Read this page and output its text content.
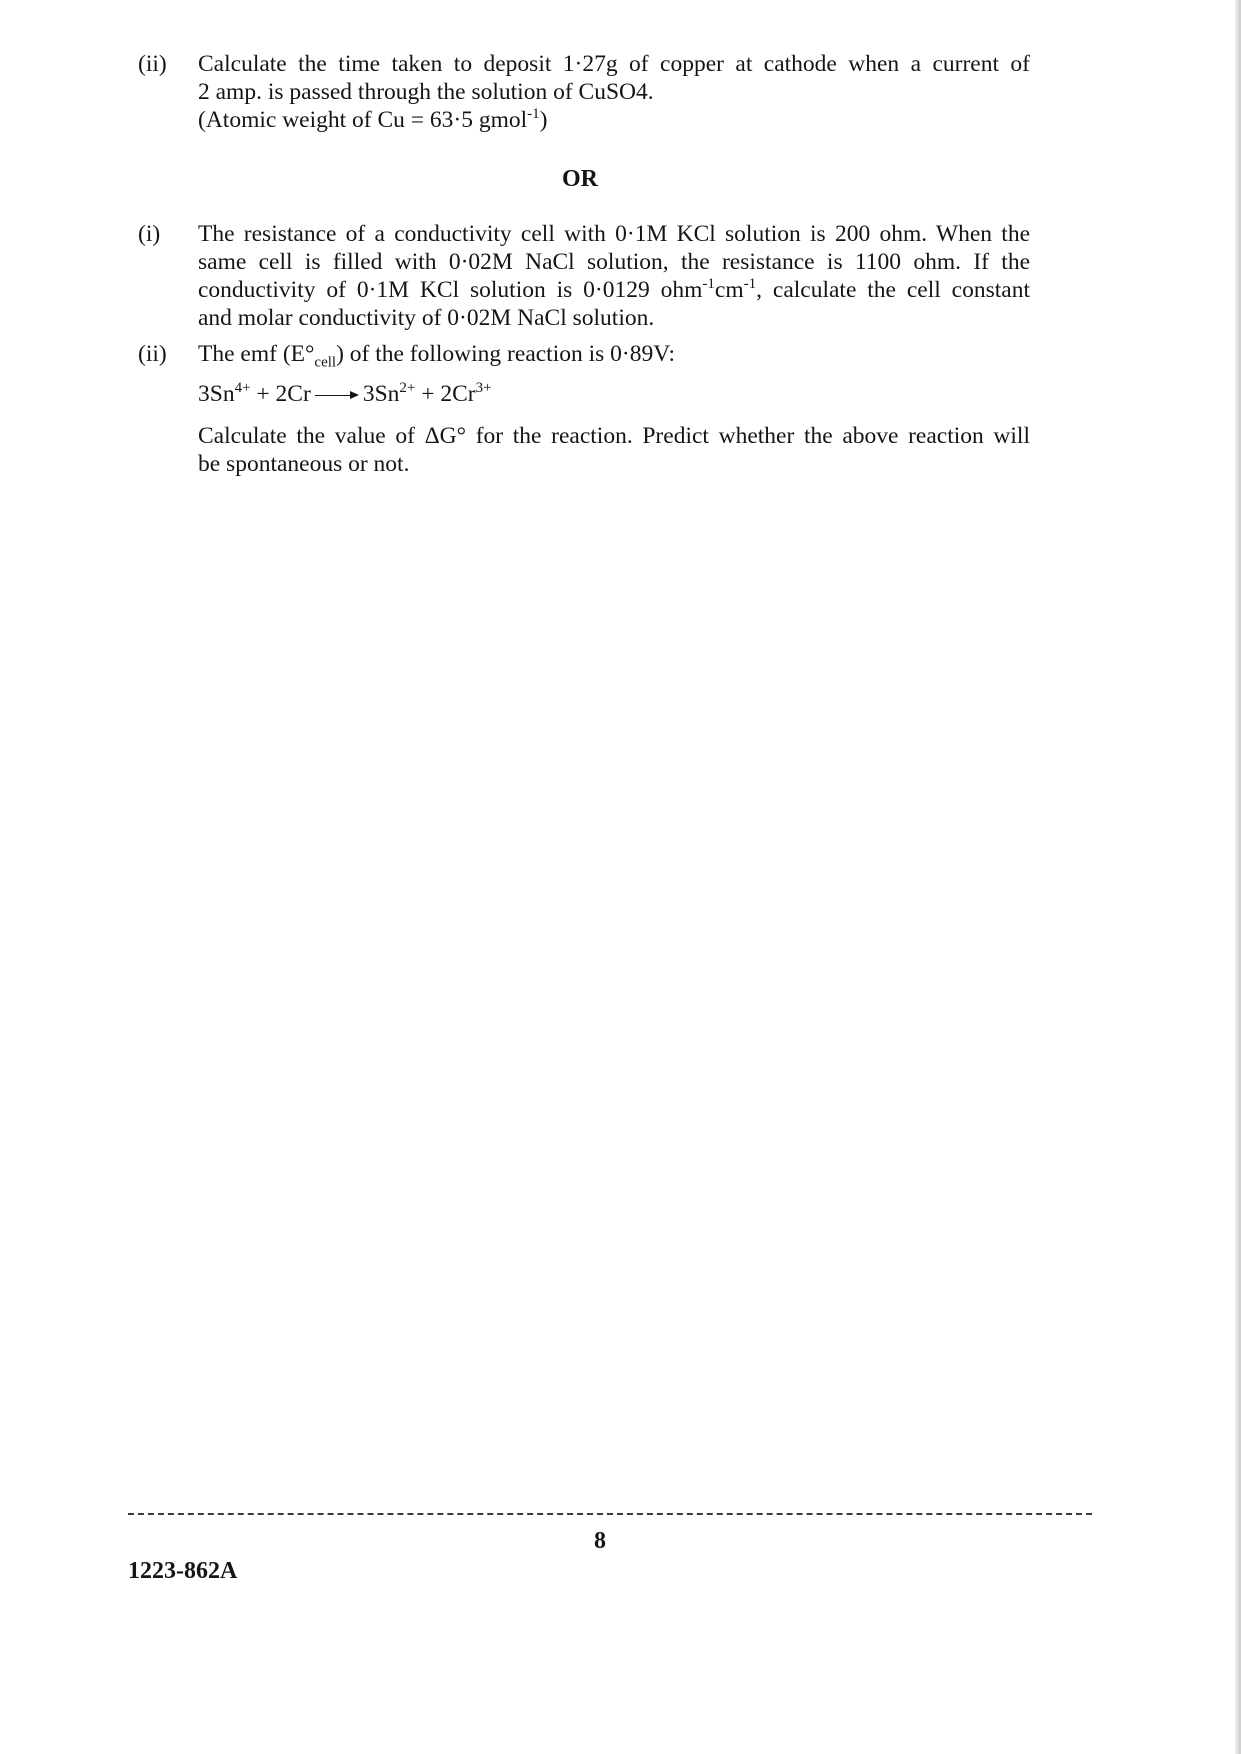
(ii) Calculate the time taken to deposit 1·27g of copper at cathode when a current of
2 amp. is passed through the solution of CuSO4.
(Atomic weight of Cu = 63·5 gmol$^{-1}$)
OR
(i) The resistance of a conductivity cell with 0·1M KCl solution is 200 ohm. When the
same cell is filled with 0·02M NaCl solution, the resistance is 1100 ohm. If the
conductivity of 0·1M KCl solution is 0·0129 $ohm^{-1}cm^{-1}$, calculate the cell constant
and molar conductivity of 0·02M NaCl solution.
(ii) The emf $(E^\circ_{cell})$ of the following reaction is 0·89V:
$3Sn^{4+} + 2Cr$ $3Sn^{2+} + 2Cr^{3+}$
Calculate the value of ΔG° for the reaction. Predict whether the above reaction will
be spontaneous or not.
8
1223-862A
